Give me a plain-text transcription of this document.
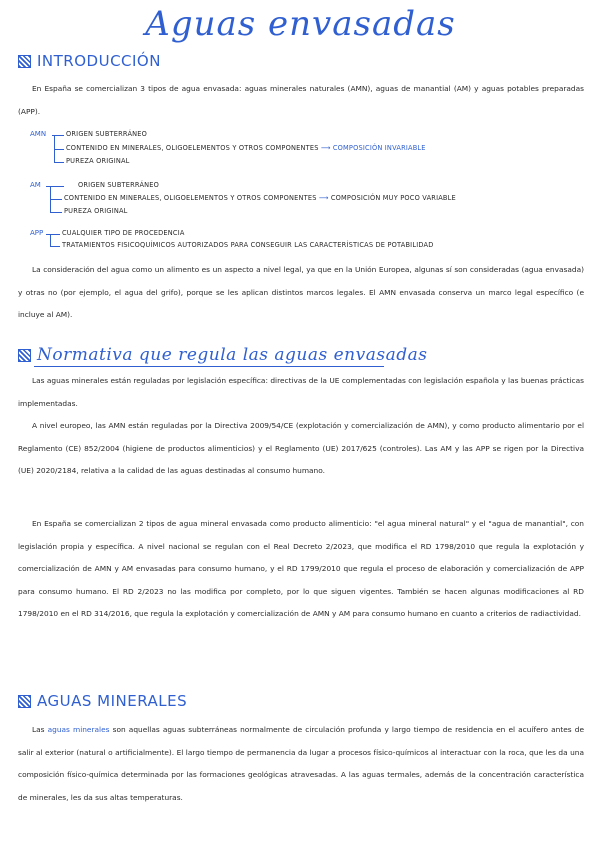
Aguas envasadas
INTRODUCCIÓN

En España se comercializan 3 tipos de agua envasada: aguas minerales naturales (AMN), aguas de manantial (AM) y aguas potables preparadas (APP).

AMN	ORIGEN SUBTERRÁNEO
CONTENIDO EN MINERALES, OLIGOELEMENTOS Y OTROS COMPONENTES ⟶ COMPOSICIÓN INVARIABLE
PUREZA ORIGINAL
AM	ORIGEN SUBTERRÁNEO
CONTENIDO EN MINERALES, OLIGOELEMENTOS Y OTROS COMPONENTES ⟶ COMPOSICIÓN MUY POCO VARIABLE
PUREZA ORIGINAL
APP	CUALQUIER TIPO DE PROCEDENCIA
TRATAMIENTOS FISICOQUÍMICOS AUTORIZADOS PARA CONSEGUIR LAS CARACTERÍSTICAS DE POTABILIDAD

La consideración del agua como un alimento es un aspecto a nivel legal, ya que en la Unión Europea, algunas sí son consideradas (agua envasada) y otras no (por ejemplo, el agua del grifo), porque se les aplican distintos marcos legales. El AMN envasada conserva un marco legal específico (e incluye al AM).

Normativa que regula las aguas envasadas

Las aguas minerales están reguladas por legislación específica: directivas de la UE complementadas con legislación española y las buenas prácticas implementadas.

A nivel europeo, las AMN están reguladas por la Directiva 2009/54/CE (explotación y comercialización de AMN), y como producto alimentario por el Reglamento (CE) 852/2004 (higiene de productos alimenticios) y el Reglamento (UE) 2017/625 (controles). Las AM y las APP se rigen por la Directiva (UE) 2020/2184, relativa a la calidad de las aguas destinadas al consumo humano.

En España se comercializan 2 tipos de agua mineral envasada como producto alimenticio: "el agua mineral natural" y el "agua de manantial", con legislación propia y específica. A nivel nacional se regulan con el Real Decreto 2/2023, que modifica el RD 1798/2010 que regula la explotación y comercialización de AMN y AM envasadas para consumo humano, y el RD 1799/2010 que regula el proceso de elaboración y comercialización de APP para consumo humano. El RD 2/2023 no las modifica por completo, por lo que siguen vigentes. También se hacen algunas modificaciones al RD 1798/2010 en el RD 314/2016, que regula la explotación y comercialización de AMN y AM para consumo humano en cuanto a criterios de radiactividad.

AGUAS MINERALES

Las aguas minerales son aquellas aguas subterráneas normalmente de circulación profunda y largo tiempo de residencia en el acuífero antes de salir al exterior (natural o artificialmente). El largo tiempo de permanencia da lugar a procesos físico-químicos al interactuar con la roca, que les da una composición físico-química determinada por las formaciones geológicas atravesadas. A las aguas termales, además de la concentración característica de minerales, les da sus altas temperaturas.
